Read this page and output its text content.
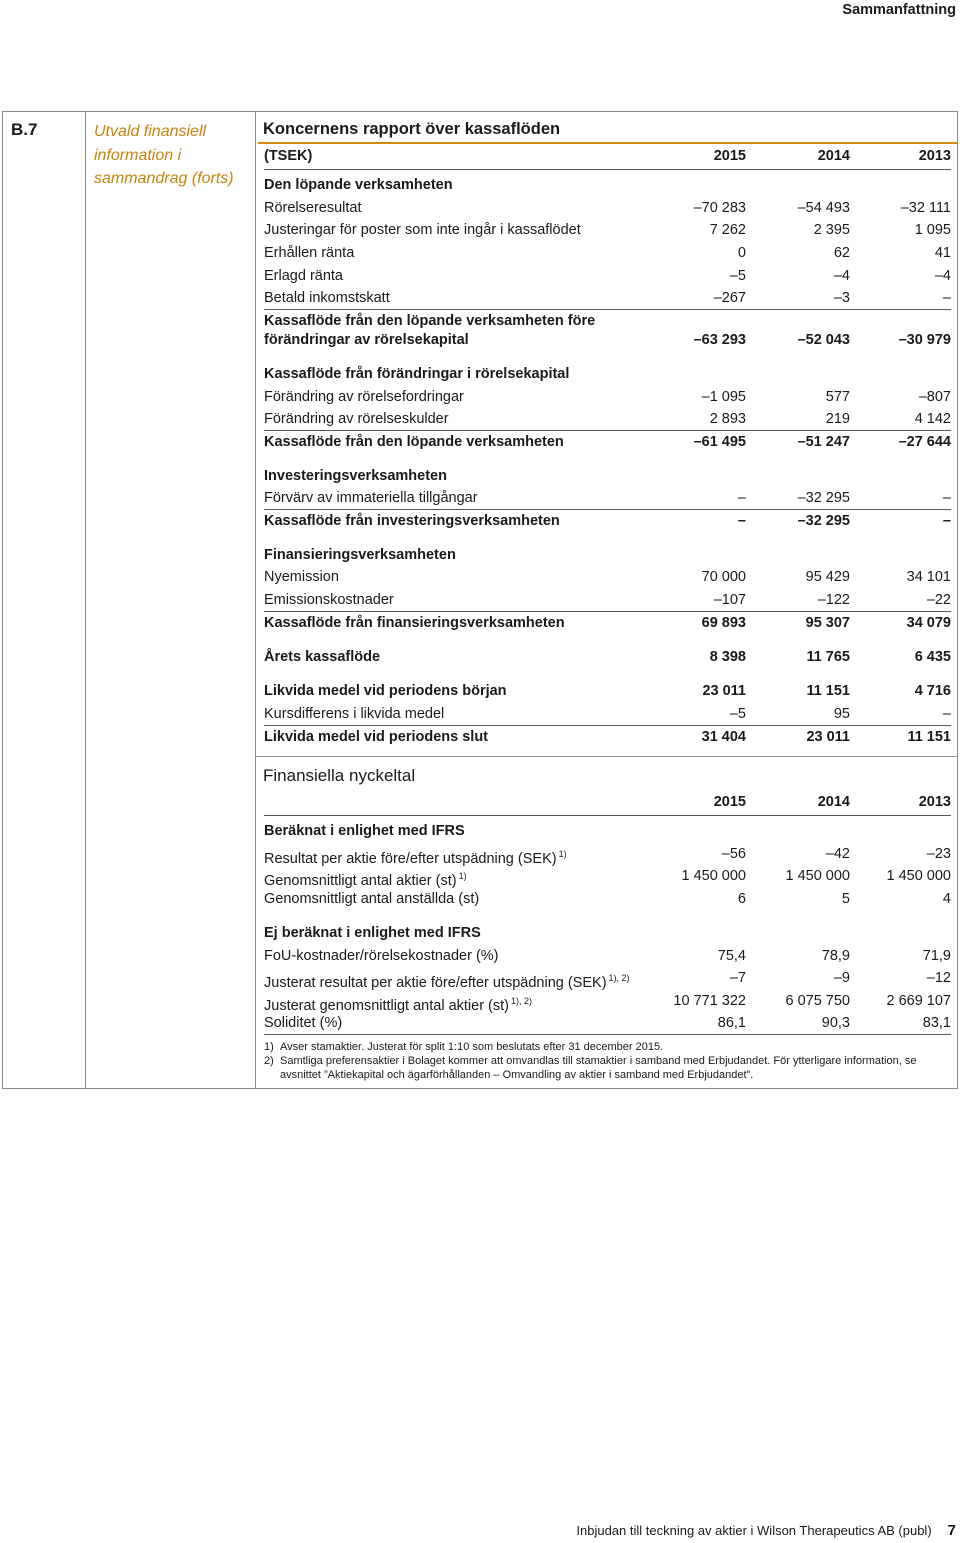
Sammanfattning
B.7	Utvald finansiell information i sammandrag (forts)
Koncernens rapport över kassaflöden
(TSEK)	2015	2014	2013
Den löpande verksamheten
Rörelseresultat	–70 283	–54 493	–32 111
Justeringar för poster som inte ingår i kassaflödet	7 262	2 395	1 095
Erhållen ränta	0	62	41
Erlagd ränta	–5	–4	–4
Betald inkomstskatt	–267	–3	–
Kassaflöde från den löpande verksamheten före
förändringar av rörelsekapital	–63 293	–52 043	–30 979
Kassaflöde från förändringar i rörelsekapital
Förändring av rörelsefordringar	–1 095	577	–807
Förändring av rörelseskulder	2 893	219	4 142
Kassaflöde från den löpande verksamheten	–61 495	–51 247	–27 644
Investeringsverksamheten
Förvärv av immateriella tillgångar	–	–32 295	–
Kassaflöde från investeringsverksamheten	–	–32 295	–
Finansieringsverksamheten
Nyemission	70 000	95 429	34 101
Emissionskostnader	–107	–122	–22
Kassaflöde från finansieringsverksamheten	69 893	95 307	34 079
Årets kassaflöde	8 398	11 765	6 435
Likvida medel vid periodens början	23 011	11 151	4 716
Kursdifferens i likvida medel	–5	95	–
Likvida medel vid periodens slut	31 404	23 011	11 151
Finansiella nyckeltal
2015	2014	2013
Beräknat i enlighet med IFRS
Resultat per aktie före/efter utspädning (SEK) $^{1)}$	–56	–42	–23
Genomsnittligt antal aktier (st) $^{1)}$	1 450 000	1 450 000	1 450 000
Genomsnittligt antal anställda (st)	6	5	4
Ej beräknat i enlighet med IFRS
FoU-kostnader/rörelsekostnader (%)	75,4	78,9	71,9
Justerat resultat per aktie före/efter utspädning (SEK) $^{1), 2)}$	–7	–9	–12
Justerat genomsnittligt antal aktier (st) $^{1), 2)}$	10 771 322	6 075 750	2 669 107
Soliditet (%)	86,1	90,3	83,1
1) Avser stamaktier. Justerat för split 1:10 som beslutats efter 31 december 2015.
2) Samtliga preferensaktier i Bolaget kommer att omvandlas till stamaktier i samband med Erbjudandet. För ytterligare information, se
avsnittet ”Aktiekapital och ägarförhållanden – Omvandling av aktier i samband med Erbjudandet”.
Inbjudan till teckning av aktier i Wilson Therapeutics AB (publ) 7
